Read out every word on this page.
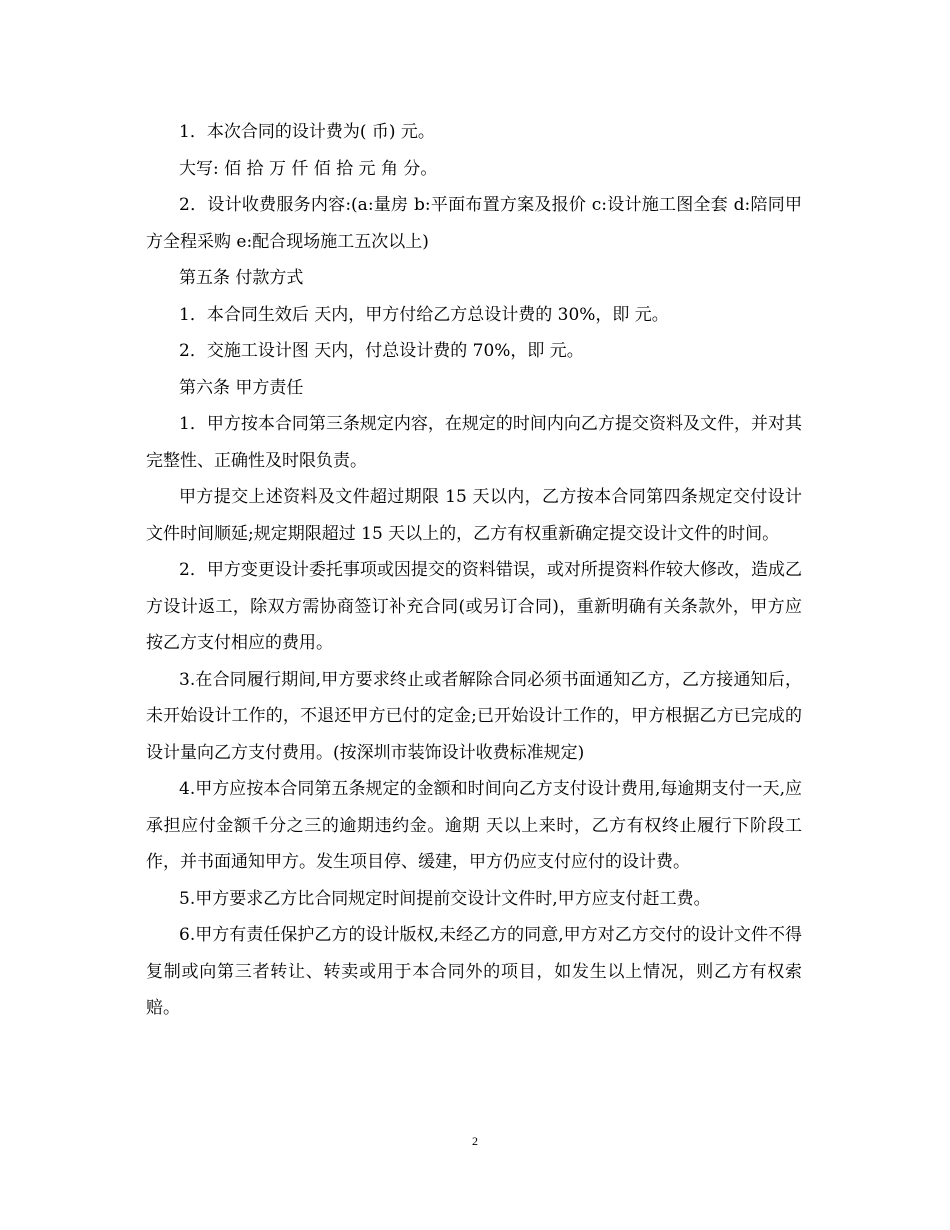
1．本次合同的设计费为( 币) 元。

大写: 佰 拾 万 仟 佰 拾 元 角 分。

2．设计收费服务内容:(a:量房 b:平面布置方案及报价 c:设计施工图全套 d:陪同甲方全程采购 e:配合现场施工五次以上)

第五条 付款方式

1．本合同生效后 天内，甲方付给乙方总设计费的 30%，即 元。

2．交施工设计图 天内，付总设计费的 70%，即 元。

第六条 甲方责任

1．甲方按本合同第三条规定内容，在规定的时间内向乙方提交资料及文件，并对其完整性、正确性及时限负责。

甲方提交上述资料及文件超过期限 15 天以内，乙方按本合同第四条规定交付设计文件时间顺延;规定期限超过 15 天以上的，乙方有权重新确定提交设计文件的时间。

2．甲方变更设计委托事项或因提交的资料错误，或对所提资料作较大修改，造成乙方设计返工，除双方需协商签订补充合同(或另订合同)，重新明确有关条款外，甲方应按乙方支付相应的费用。

3.在合同履行期间,甲方要求终止或者解除合同必须书面通知乙方，乙方接通知后，未开始设计工作的，不退还甲方已付的定金;已开始设计工作的，甲方根据乙方已完成的设计量向乙方支付费用。(按深圳市装饰设计收费标准规定)

4.甲方应按本合同第五条规定的金额和时间向乙方支付设计费用,每逾期支付一天,应承担应付金额千分之三的逾期违约金。逾期 天以上来时，乙方有权终止履行下阶段工作，并书面通知甲方。发生项目停、缓建，甲方仍应支付应付的设计费。

5.甲方要求乙方比合同规定时间提前交设计文件时,甲方应支付赶工费。

6.甲方有责任保护乙方的设计版权,未经乙方的同意,甲方对乙方交付的设计文件不得复制或向第三者转让、转卖或用于本合同外的项目，如发生以上情况，则乙方有权索赔。

2
